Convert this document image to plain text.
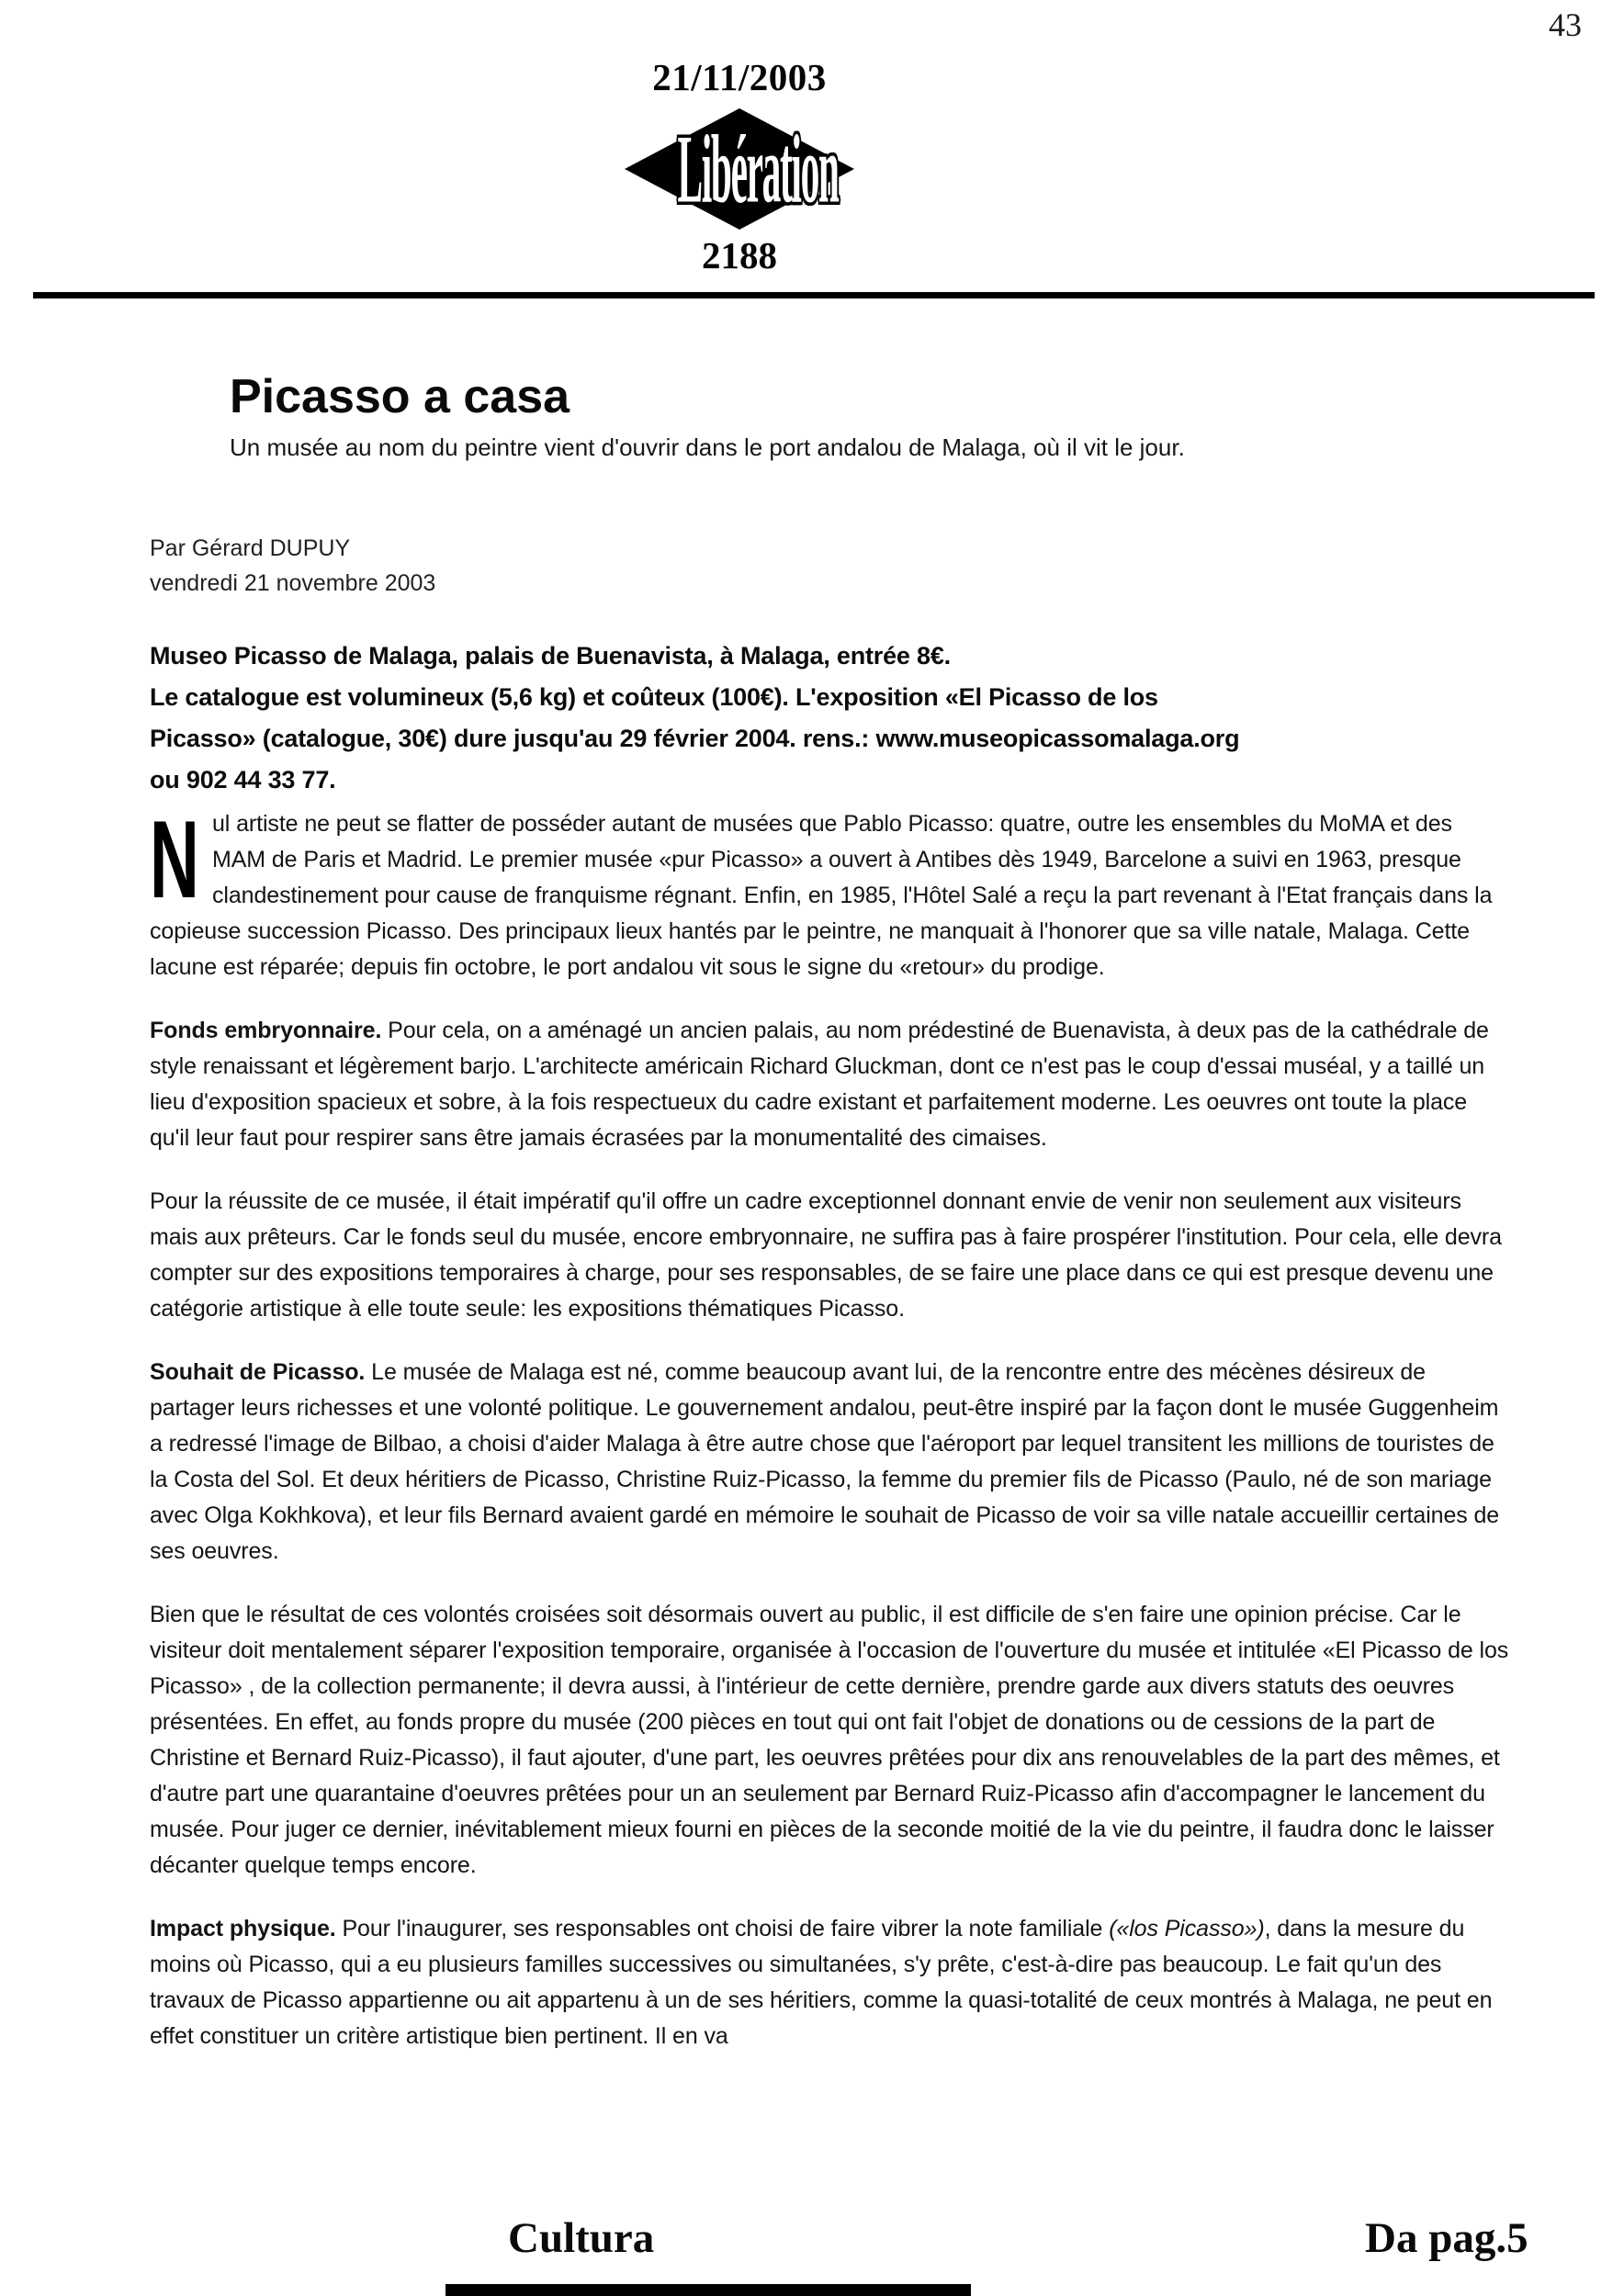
43
21/11/2003
Libération
2188
Picasso a casa
Un musée au nom du peintre vient d'ouvrir dans le port andalou de Malaga, où il vit le jour.
Par Gérard DUPUY
vendredi 21 novembre 2003
Museo Picasso de Malaga, palais de Buenavista, à Malaga, entrée 8€.
Le catalogue est volumineux (5,6 kg) et coûteux (100€). L'exposition «El Picasso de los
Picasso» (catalogue, 30€) dure jusqu'au 29 février 2004. rens.: www.museopicassomalaga.org
ou 902 44 33 77.

Nul artiste ne peut se flatter de posséder autant de musées que Pablo Picasso: quatre, outre les ensembles du MoMA et des MAM de Paris et Madrid. Le premier musée «pur Picasso» a ouvert à Antibes dès 1949, Barcelone a suivi en 1963, presque clandestinement pour cause de franquisme régnant. Enfin, en 1985, l'Hôtel Salé a reçu la part revenant à l'Etat français dans la copieuse succession Picasso. Des principaux lieux hantés par le peintre, ne manquait à l'honorer que sa ville natale, Malaga. Cette lacune est réparée; depuis fin octobre, le port andalou vit sous le signe du «retour» du prodige.

Fonds embryonnaire. Pour cela, on a aménagé un ancien palais, au nom prédestiné de Buenavista, à deux pas de la cathédrale de style renaissant et légèrement barjo. L'architecte américain Richard Gluckman, dont ce n'est pas le coup d'essai muséal, y a taillé un lieu d'exposition spacieux et sobre, à la fois respectueux du cadre existant et parfaitement moderne. Les oeuvres ont toute la place qu'il leur faut pour respirer sans être jamais écrasées par la monumentalité des cimaises.

Pour la réussite de ce musée, il était impératif qu'il offre un cadre exceptionnel donnant envie de venir non seulement aux visiteurs mais aux prêteurs. Car le fonds seul du musée, encore embryonnaire, ne suffira pas à faire prospérer l'institution. Pour cela, elle devra compter sur des expositions temporaires à charge, pour ses responsables, de se faire une place dans ce qui est presque devenu une catégorie artistique à elle toute seule: les expositions thématiques Picasso.

Souhait de Picasso. Le musée de Malaga est né, comme beaucoup avant lui, de la rencontre entre des mécènes désireux de partager leurs richesses et une volonté politique. Le gouvernement andalou, peut-être inspiré par la façon dont le musée Guggenheim a redressé l'image de Bilbao, a choisi d'aider Malaga à être autre chose que l'aéroport par lequel transitent les millions de touristes de la Costa del Sol. Et deux héritiers de Picasso, Christine Ruiz-Picasso, la femme du premier fils de Picasso (Paulo, né de son mariage avec Olga Kokhkova), et leur fils Bernard avaient gardé en mémoire le souhait de Picasso de voir sa ville natale accueillir certaines de ses oeuvres.

Bien que le résultat de ces volontés croisées soit désormais ouvert au public, il est difficile de s'en faire une opinion précise. Car le visiteur doit mentalement séparer l'exposition temporaire, organisée à l'occasion de l'ouverture du musée et intitulée «El Picasso de los Picasso» , de la collection permanente; il devra aussi, à l'intérieur de cette dernière, prendre garde aux divers statuts des oeuvres présentées. En effet, au fonds propre du musée (200 pièces en tout qui ont fait l'objet de donations ou de cessions de la part de Christine et Bernard Ruiz-Picasso), il faut ajouter, d'une part, les oeuvres prêtées pour dix ans renouvelables de la part des mêmes, et d'autre part une quarantaine d'oeuvres prêtées pour un an seulement par Bernard Ruiz-Picasso afin d'accompagner le lancement du musée. Pour juger ce dernier, inévitablement mieux fourni en pièces de la seconde moitié de la vie du peintre, il faudra donc le laisser décanter quelque temps encore.

Impact physique. Pour l'inaugurer, ses responsables ont choisi de faire vibrer la note familiale («los Picasso»), dans la mesure du moins où Picasso, qui a eu plusieurs familles successives ou simultanées, s'y prête, c'est-à-dire pas beaucoup. Le fait qu'un des travaux de Picasso appartienne ou ait appartenu à un de ses héritiers, comme la quasi-totalité de ceux montrés à Malaga, ne peut en effet constituer un critère artistique bien pertinent. Il en va

Cultura	Da pag.5
